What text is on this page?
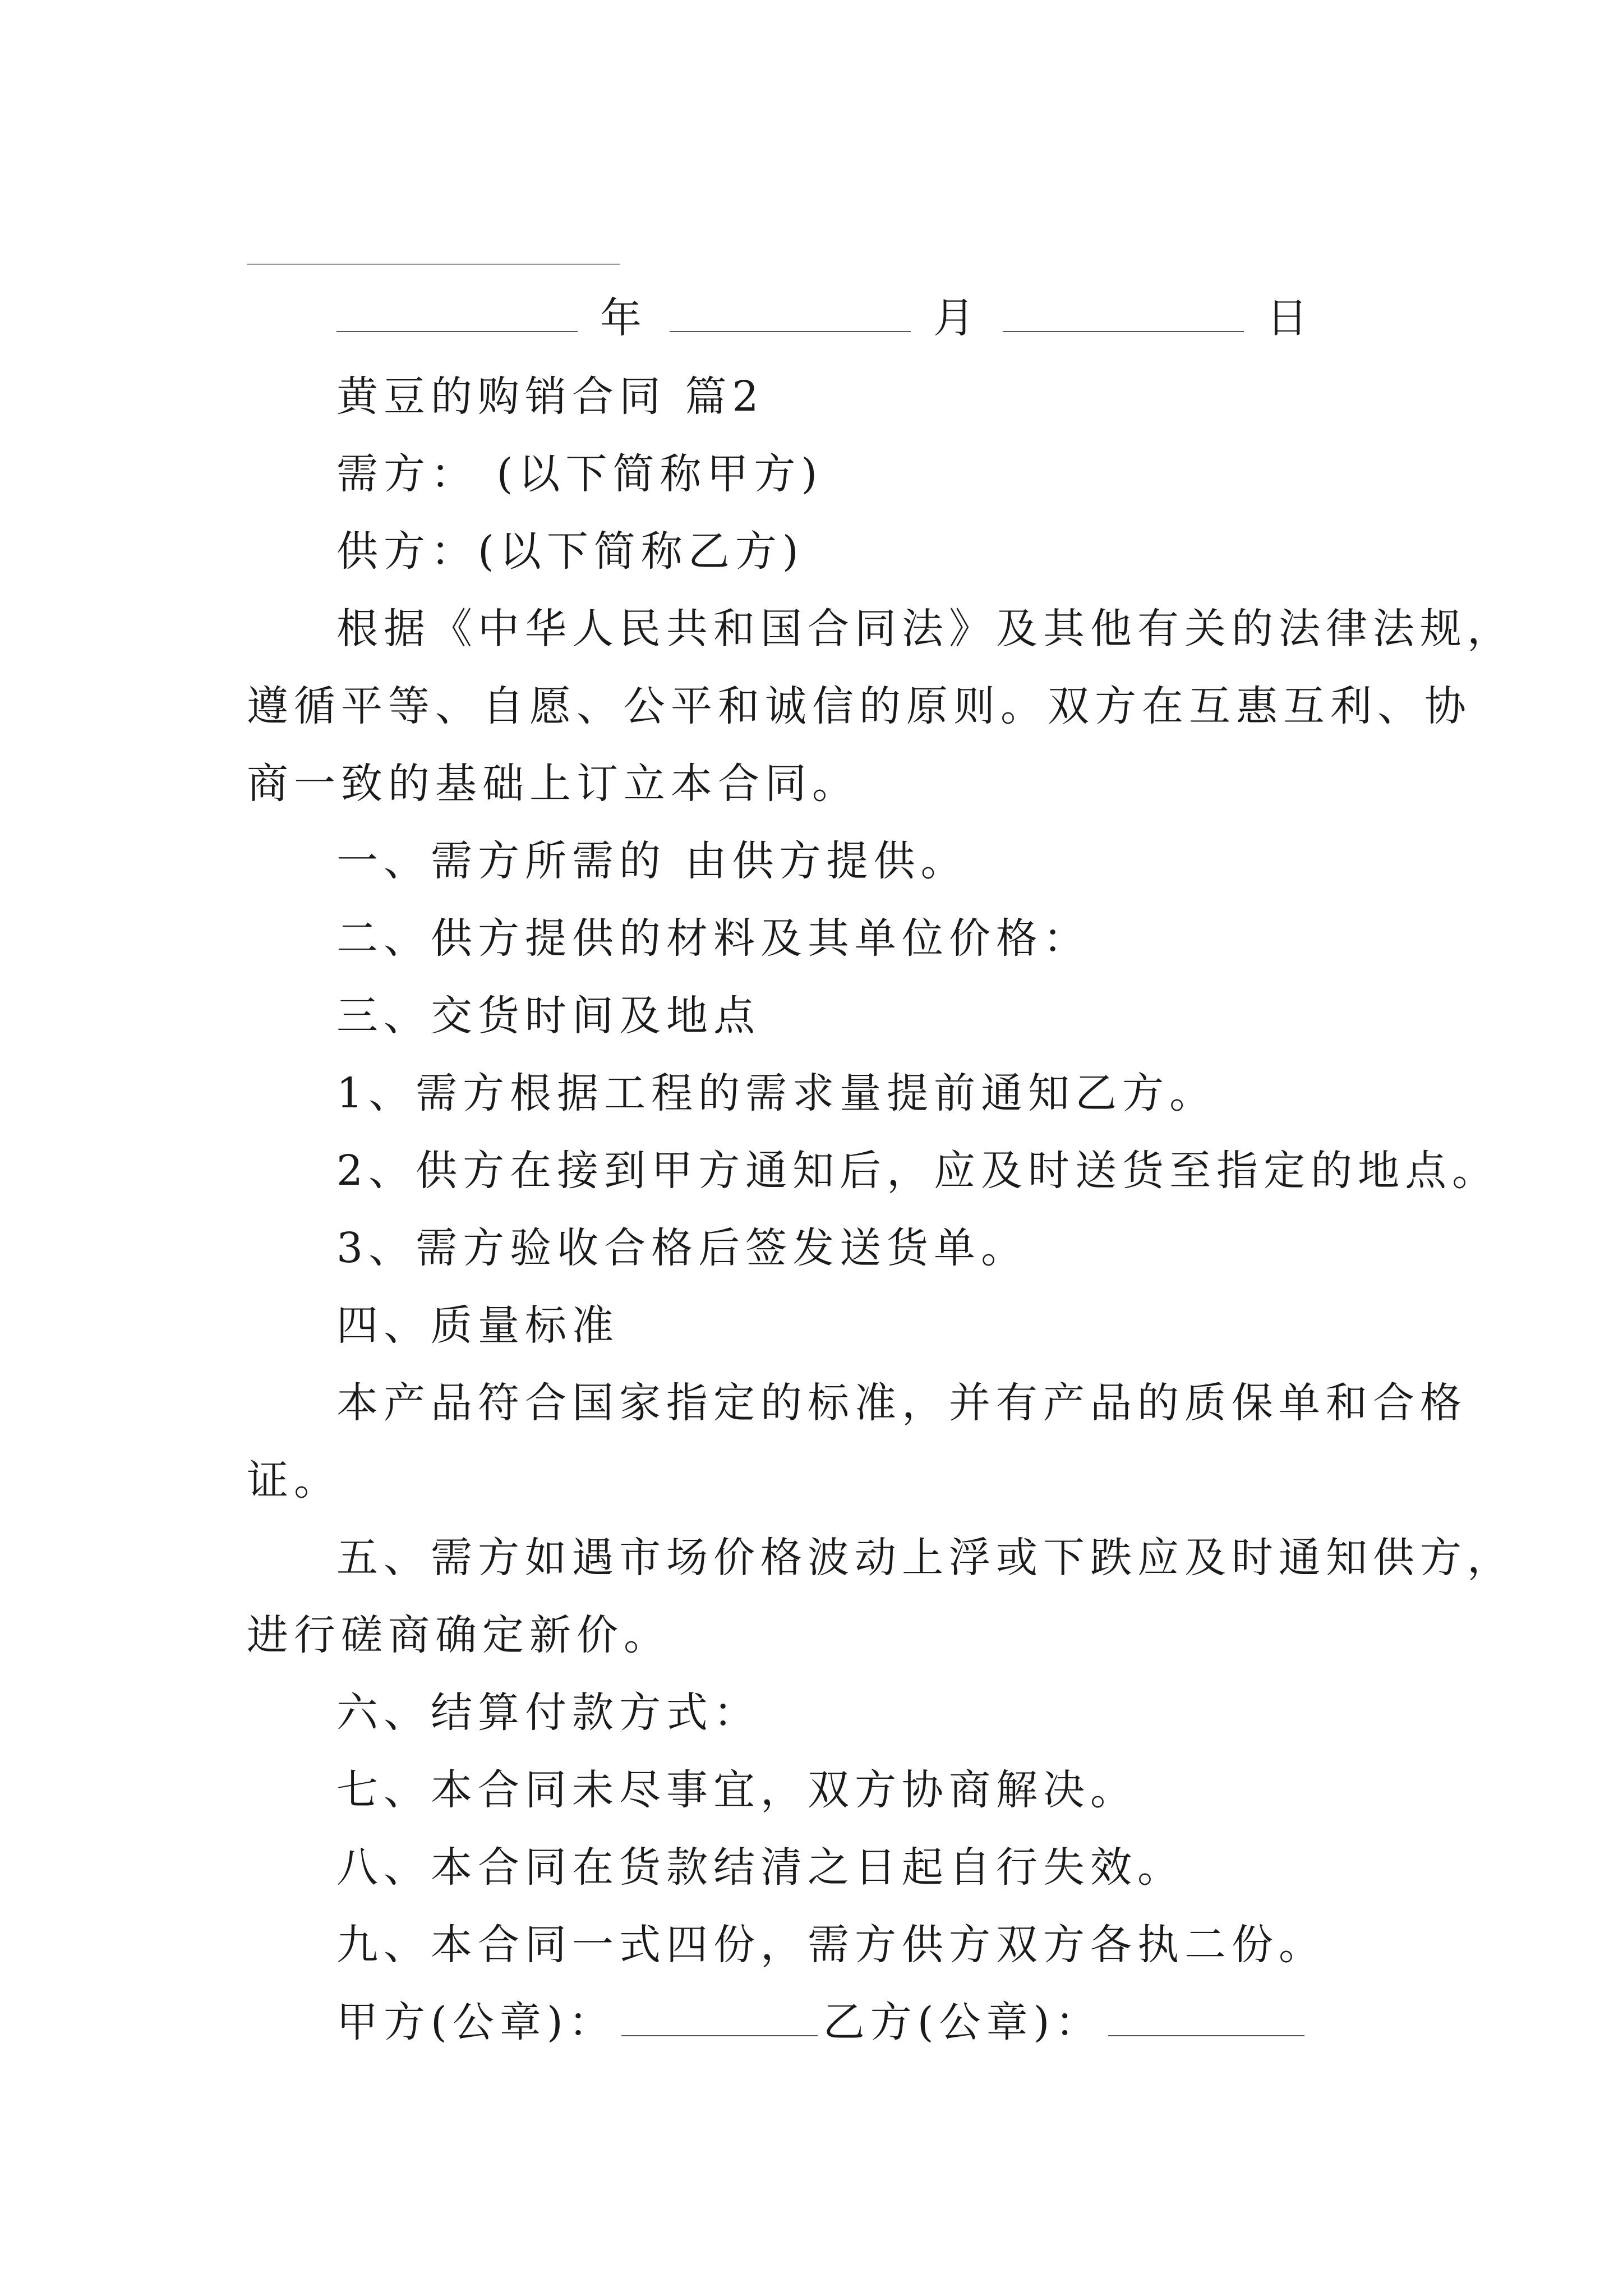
年	月	日
黄豆的购销合同 篇2
需方： (以下简称甲方)
供方：(以下简称乙方)
根据《中华人民共和国合同法》及其他有关的法律法规，
遵循平等、自愿、公平和诚信的原则。双方在互惠互利、协
商一致的基础上订立本合同。
一、需方所需的 由供方提供。
二、供方提供的材料及其单位价格：
三、交货时间及地点
1、需方根据工程的需求量提前通知乙方。
2、供方在接到甲方通知后，应及时送货至指定的地点。
3、需方验收合格后签发送货单。
四、质量标准
本产品符合国家指定的标准，并有产品的质保单和合格
证。
五、需方如遇市场价格波动上浮或下跌应及时通知供方，
进行磋商确定新价。
六、结算付款方式：
七、本合同未尽事宜，双方协商解决。
八、本合同在货款结清之日起自行失效。
九、本合同一式四份，需方供方双方各执二份。
甲方(公章)：	乙方(公章)：
